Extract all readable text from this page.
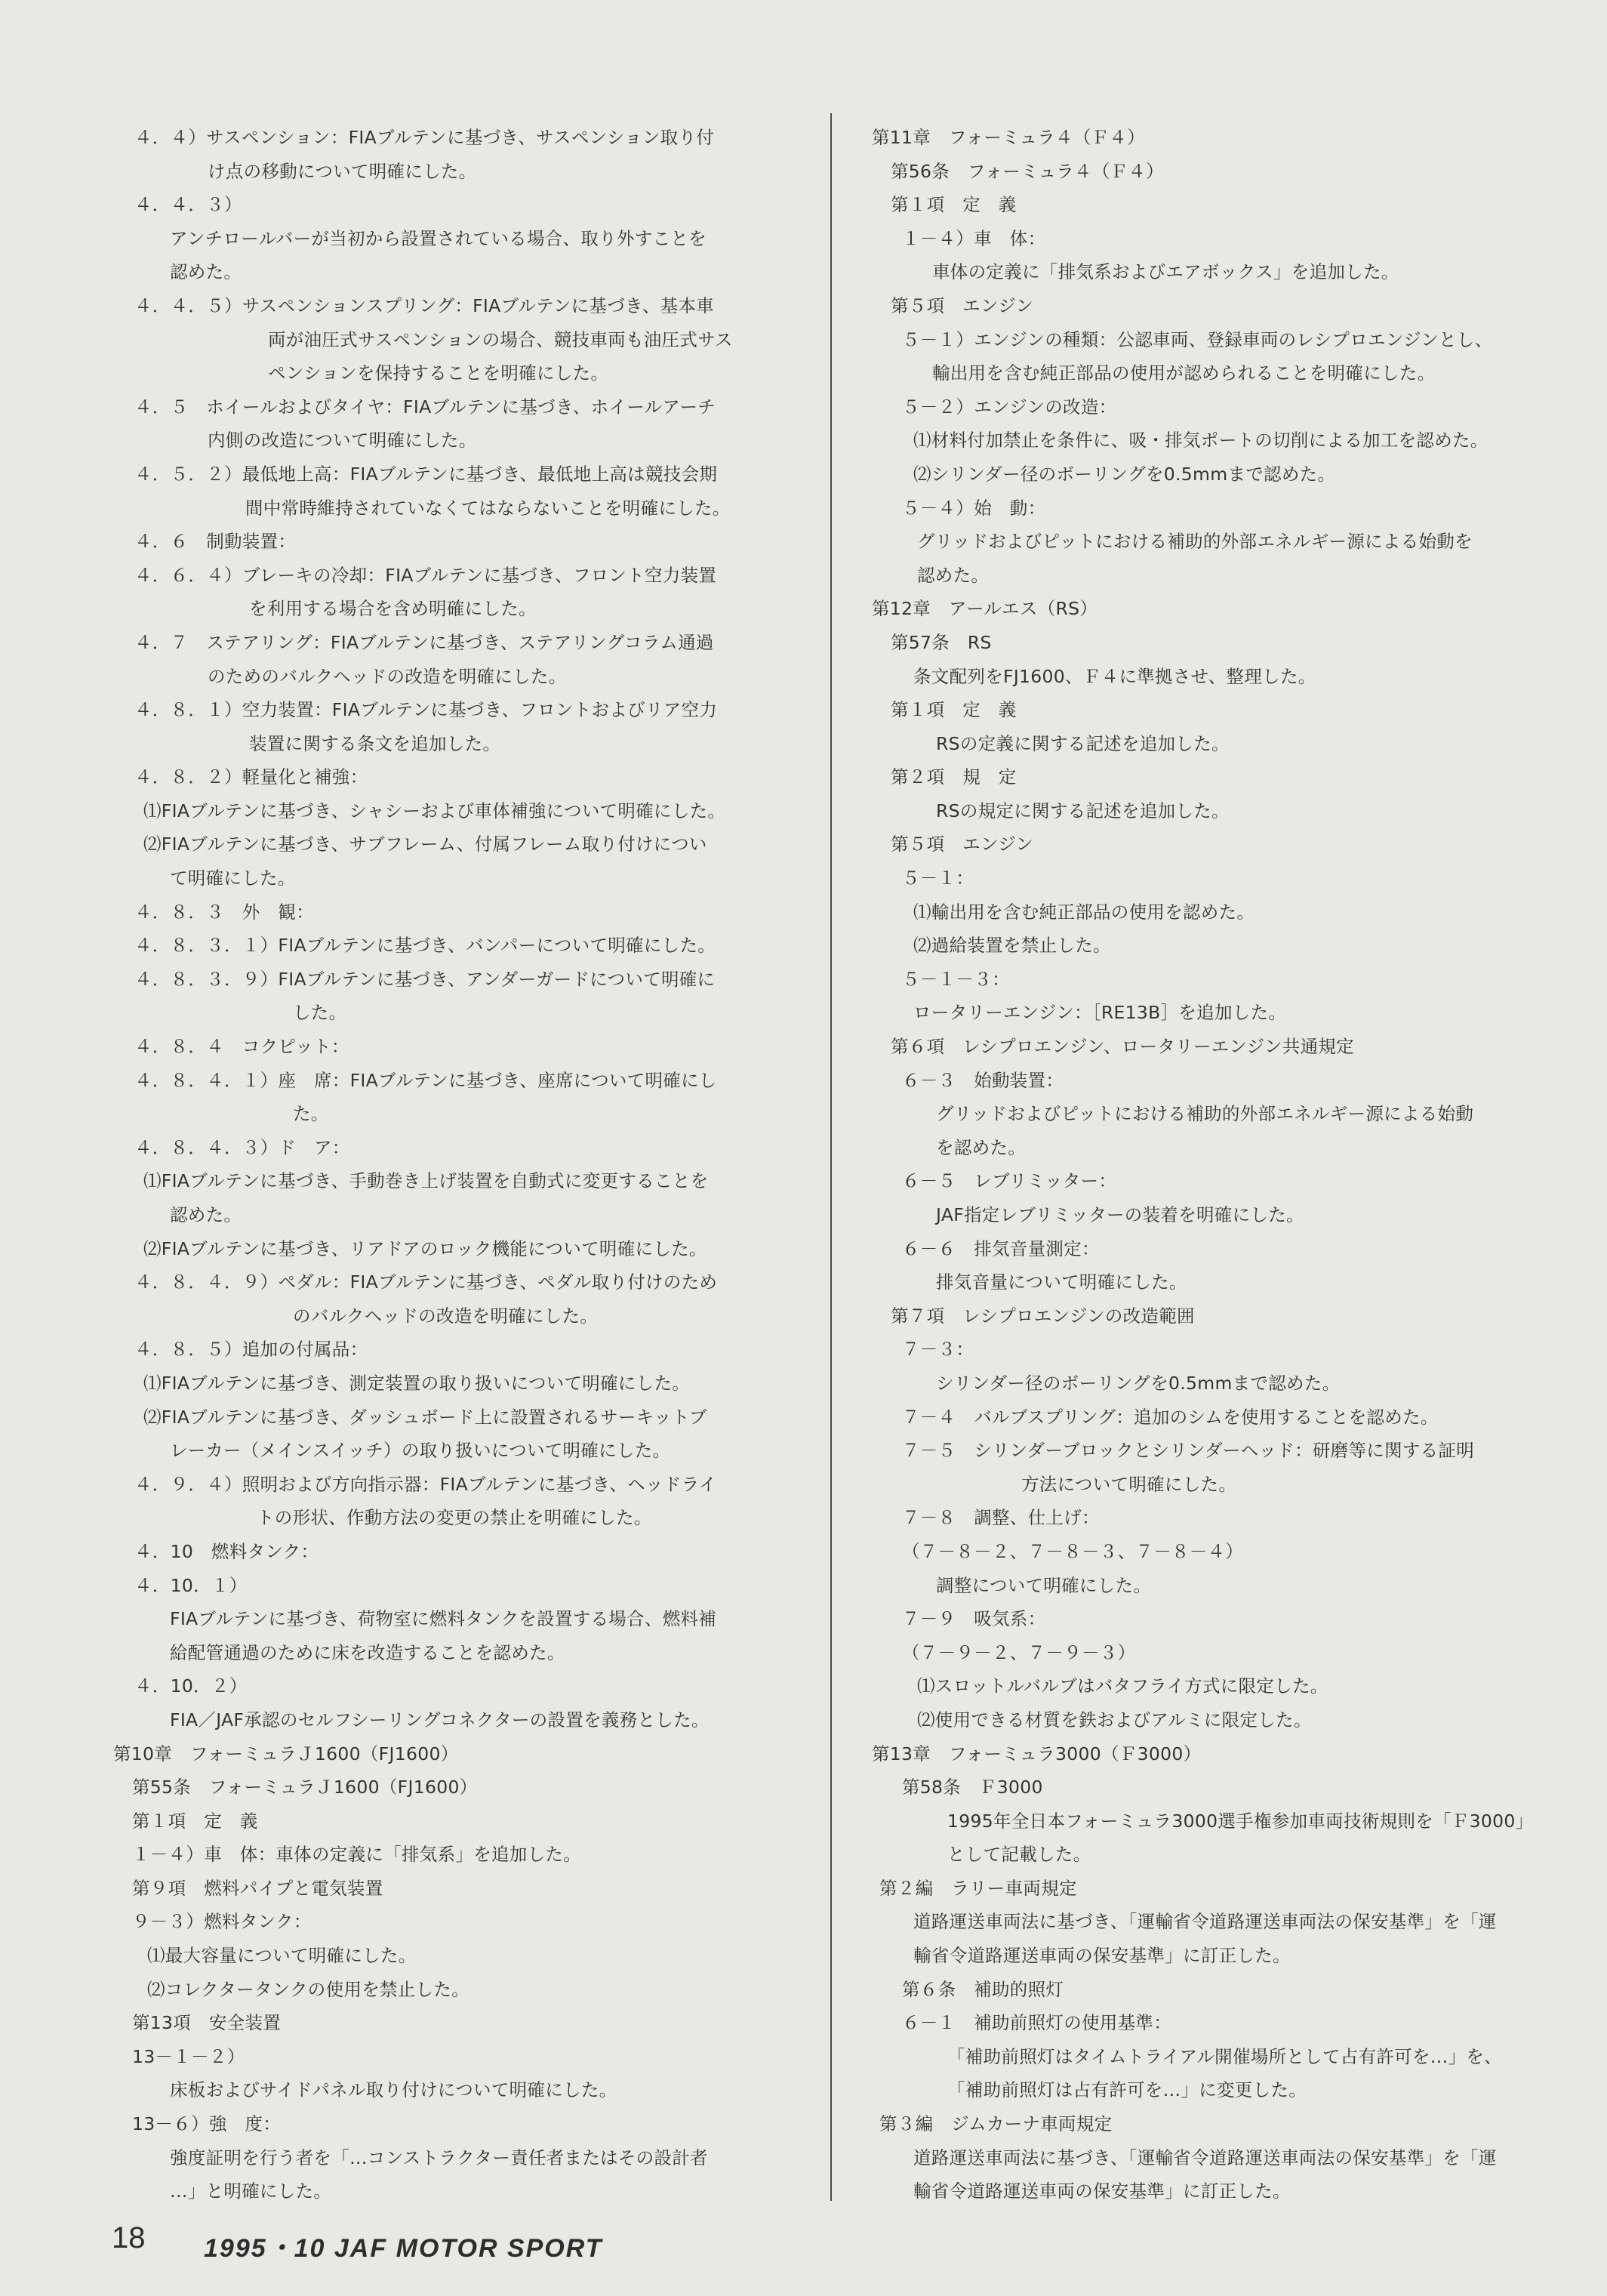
４．４）サスペンション：FIAブルテンに基づき、サスペンション取り付
け点の移動について明確にした。
４．４．３）
アンチロールバーが当初から設置されている場合、取り外すことを
認めた。
４．４．５）サスペンションスプリング：FIAブルテンに基づき、基本車
両が油圧式サスペンションの場合、競技車両も油圧式サス
ペンションを保持することを明確にした。
４．５　ホイールおよびタイヤ：FIAブルテンに基づき、ホイールアーチ
内側の改造について明確にした。
４．５．２）最低地上高：FIAブルテンに基づき、最低地上高は競技会期
間中常時維持されていなくてはならないことを明確にした。
４．６　制動装置：
４．６．４）ブレーキの冷却：FIAブルテンに基づき、フロント空力装置
を利用する場合を含め明確にした。
４．７　ステアリング：FIAブルテンに基づき、ステアリングコラム通過
のためのバルクヘッドの改造を明確にした。
４．８．１）空力装置：FIAブルテンに基づき、フロントおよびリア空力
装置に関する条文を追加した。
４．８．２）軽量化と補強：
⑴FIAブルテンに基づき、シャシーおよび車体補強について明確にした。
⑵FIAブルテンに基づき、サブフレーム、付属フレーム取り付けについ
て明確にした。
４．８．３　外　観：
４．８．３．１）FIAブルテンに基づき、バンパーについて明確にした。
４．８．３．９）FIAブルテンに基づき、アンダーガードについて明確に
した。
４．８．４　コクピット：
４．８．４．１）座　席：FIAブルテンに基づき、座席について明確にし
た。
４．８．４．３）ド　ア：
⑴FIAブルテンに基づき、手動巻き上げ装置を自動式に変更することを
認めた。
⑵FIAブルテンに基づき、リアドアのロック機能について明確にした。
４．８．４．９）ペダル：FIAブルテンに基づき、ペダル取り付けのため
のバルクヘッドの改造を明確にした。
４．８．５）追加の付属品：
⑴FIAブルテンに基づき、測定装置の取り扱いについて明確にした。
⑵FIAブルテンに基づき、ダッシュボード上に設置されるサーキットブ
レーカー（メインスイッチ）の取り扱いについて明確にした。
４．９．４）照明および方向指示器：FIAブルテンに基づき、ヘッドライ
トの形状、作動方法の変更の禁止を明確にした。
４．10　燃料タンク：
４．10．１）
FIAブルテンに基づき、荷物室に燃料タンクを設置する場合、燃料補
給配管通過のために床を改造することを認めた。
４．10．２）
FIA／JAF承認のセルフシーリングコネクターの設置を義務とした。
第10章　フォーミュラＪ1600（FJ1600）
第55条　フォーミュラＪ1600（FJ1600）
第１項　定　義
１－４）車　体：車体の定義に「排気系」を追加した。
第９項　燃料パイプと電気装置
９－３）燃料タンク：
⑴最大容量について明確にした。
⑵コレクタータンクの使用を禁止した。
第13項　安全装置
13－１－２）
床板およびサイドパネル取り付けについて明確にした。
13－６）強　度：
強度証明を行う者を「…コンストラクター責任者またはその設計者
…」と明確にした。
第11章　フォーミュラ４（Ｆ４）
第56条　フォーミュラ４（Ｆ４）
第１項　定　義
１－４）車　体：
車体の定義に「排気系およびエアボックス」を追加した。
第５項　エンジン
５－１）エンジンの種類：公認車両、登録車両のレシプロエンジンとし、
輸出用を含む純正部品の使用が認められることを明確にした。
５－２）エンジンの改造：
⑴材料付加禁止を条件に、吸・排気ポートの切削による加工を認めた。
⑵シリンダー径のボーリングを0.5mmまで認めた。
５－４）始　動：
グリッドおよびピットにおける補助的外部エネルギー源による始動を
認めた。
第12章　アールエス（RS）
第57条　RS
条文配列をFJ1600、Ｆ４に準拠させ、整理した。
第１項　定　義
RSの定義に関する記述を追加した。
第２項　規　定
RSの規定に関する記述を追加した。
第５項　エンジン
５－１：
⑴輸出用を含む純正部品の使用を認めた。
⑵過給装置を禁止した。
５－１－３：
ロータリーエンジン：［RE13B］を追加した。
第６項　レシプロエンジン、ロータリーエンジン共通規定
６－３　始動装置：
グリッドおよびピットにおける補助的外部エネルギー源による始動
を認めた。
６－５　レブリミッター：
JAF指定レブリミッターの装着を明確にした。
６－６　排気音量測定：
排気音量について明確にした。
第７項　レシプロエンジンの改造範囲
７－３：
シリンダー径のボーリングを0.5mmまで認めた。
７－４　バルブスプリング：追加のシムを使用することを認めた。
７－５　シリンダーブロックとシリンダーヘッド：研磨等に関する証明
方法について明確にした。
７－８　調整、仕上げ：
（７－８－２、７－８－３、７－８－４）
調整について明確にした。
７－９　吸気系：
（７－９－２、７－９－３）
⑴スロットルバルブはバタフライ方式に限定した。
⑵使用できる材質を鉄およびアルミに限定した。
第13章　フォーミュラ3000（Ｆ3000）
第58条　Ｆ3000
1995年全日本フォーミュラ3000選手権参加車両技術規則を「Ｆ3000」
として記載した。
第２編　ラリー車両規定
道路運送車両法に基づき、「運輸省令道路運送車両法の保安基準」を「運
輸省令道路運送車両の保安基準」に訂正した。
第６条　補助的照灯
６－１　補助前照灯の使用基準：
「補助前照灯はタイムトライアル開催場所として占有許可を…」を、
「補助前照灯は占有許可を…」に変更した。
第３編　ジムカーナ車両規定
道路運送車両法に基づき、「運輸省令道路運送車両法の保安基準」を「運
輸省令道路運送車両の保安基準」に訂正した。
18 1995・10 JAF MOTOR SPORT
